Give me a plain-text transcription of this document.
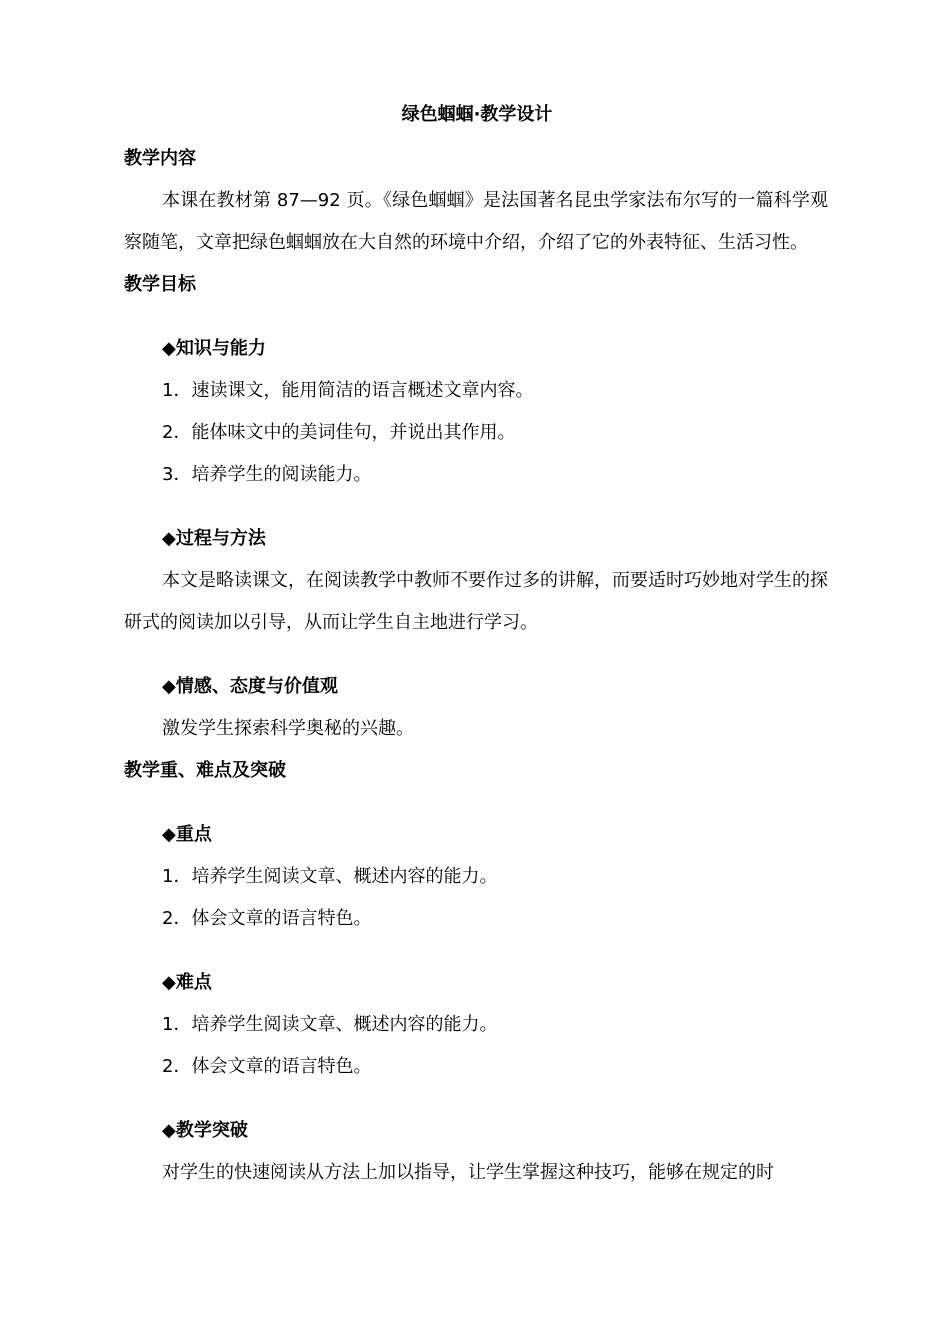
绿色蝈蝈·教学设计
教学内容
本课在教材第 87—92 页。《绿色蝈蝈》是法国著名昆虫学家法布尔写的一篇科学观察随笔，文章把绿色蝈蝈放在大自然的环境中介绍，介绍了它的外表特征、生活习性。
教学目标
◆知识与能力
1．速读课文，能用简洁的语言概述文章内容。
2．能体味文中的美词佳句，并说出其作用。
3．培养学生的阅读能力。
◆过程与方法
本文是略读课文，在阅读教学中教师不要作过多的讲解，而要适时巧妙地对学生的探研式的阅读加以引导，从而让学生自主地进行学习。
◆情感、态度与价值观
激发学生探索科学奥秘的兴趣。
教学重、难点及突破
◆重点
1．培养学生阅读文章、概述内容的能力。
2．体会文章的语言特色。
◆难点
1．培养学生阅读文章、概述内容的能力。
2．体会文章的语言特色。
◆教学突破
对学生的快速阅读从方法上加以指导，让学生掌握这种技巧，能够在规定的时
